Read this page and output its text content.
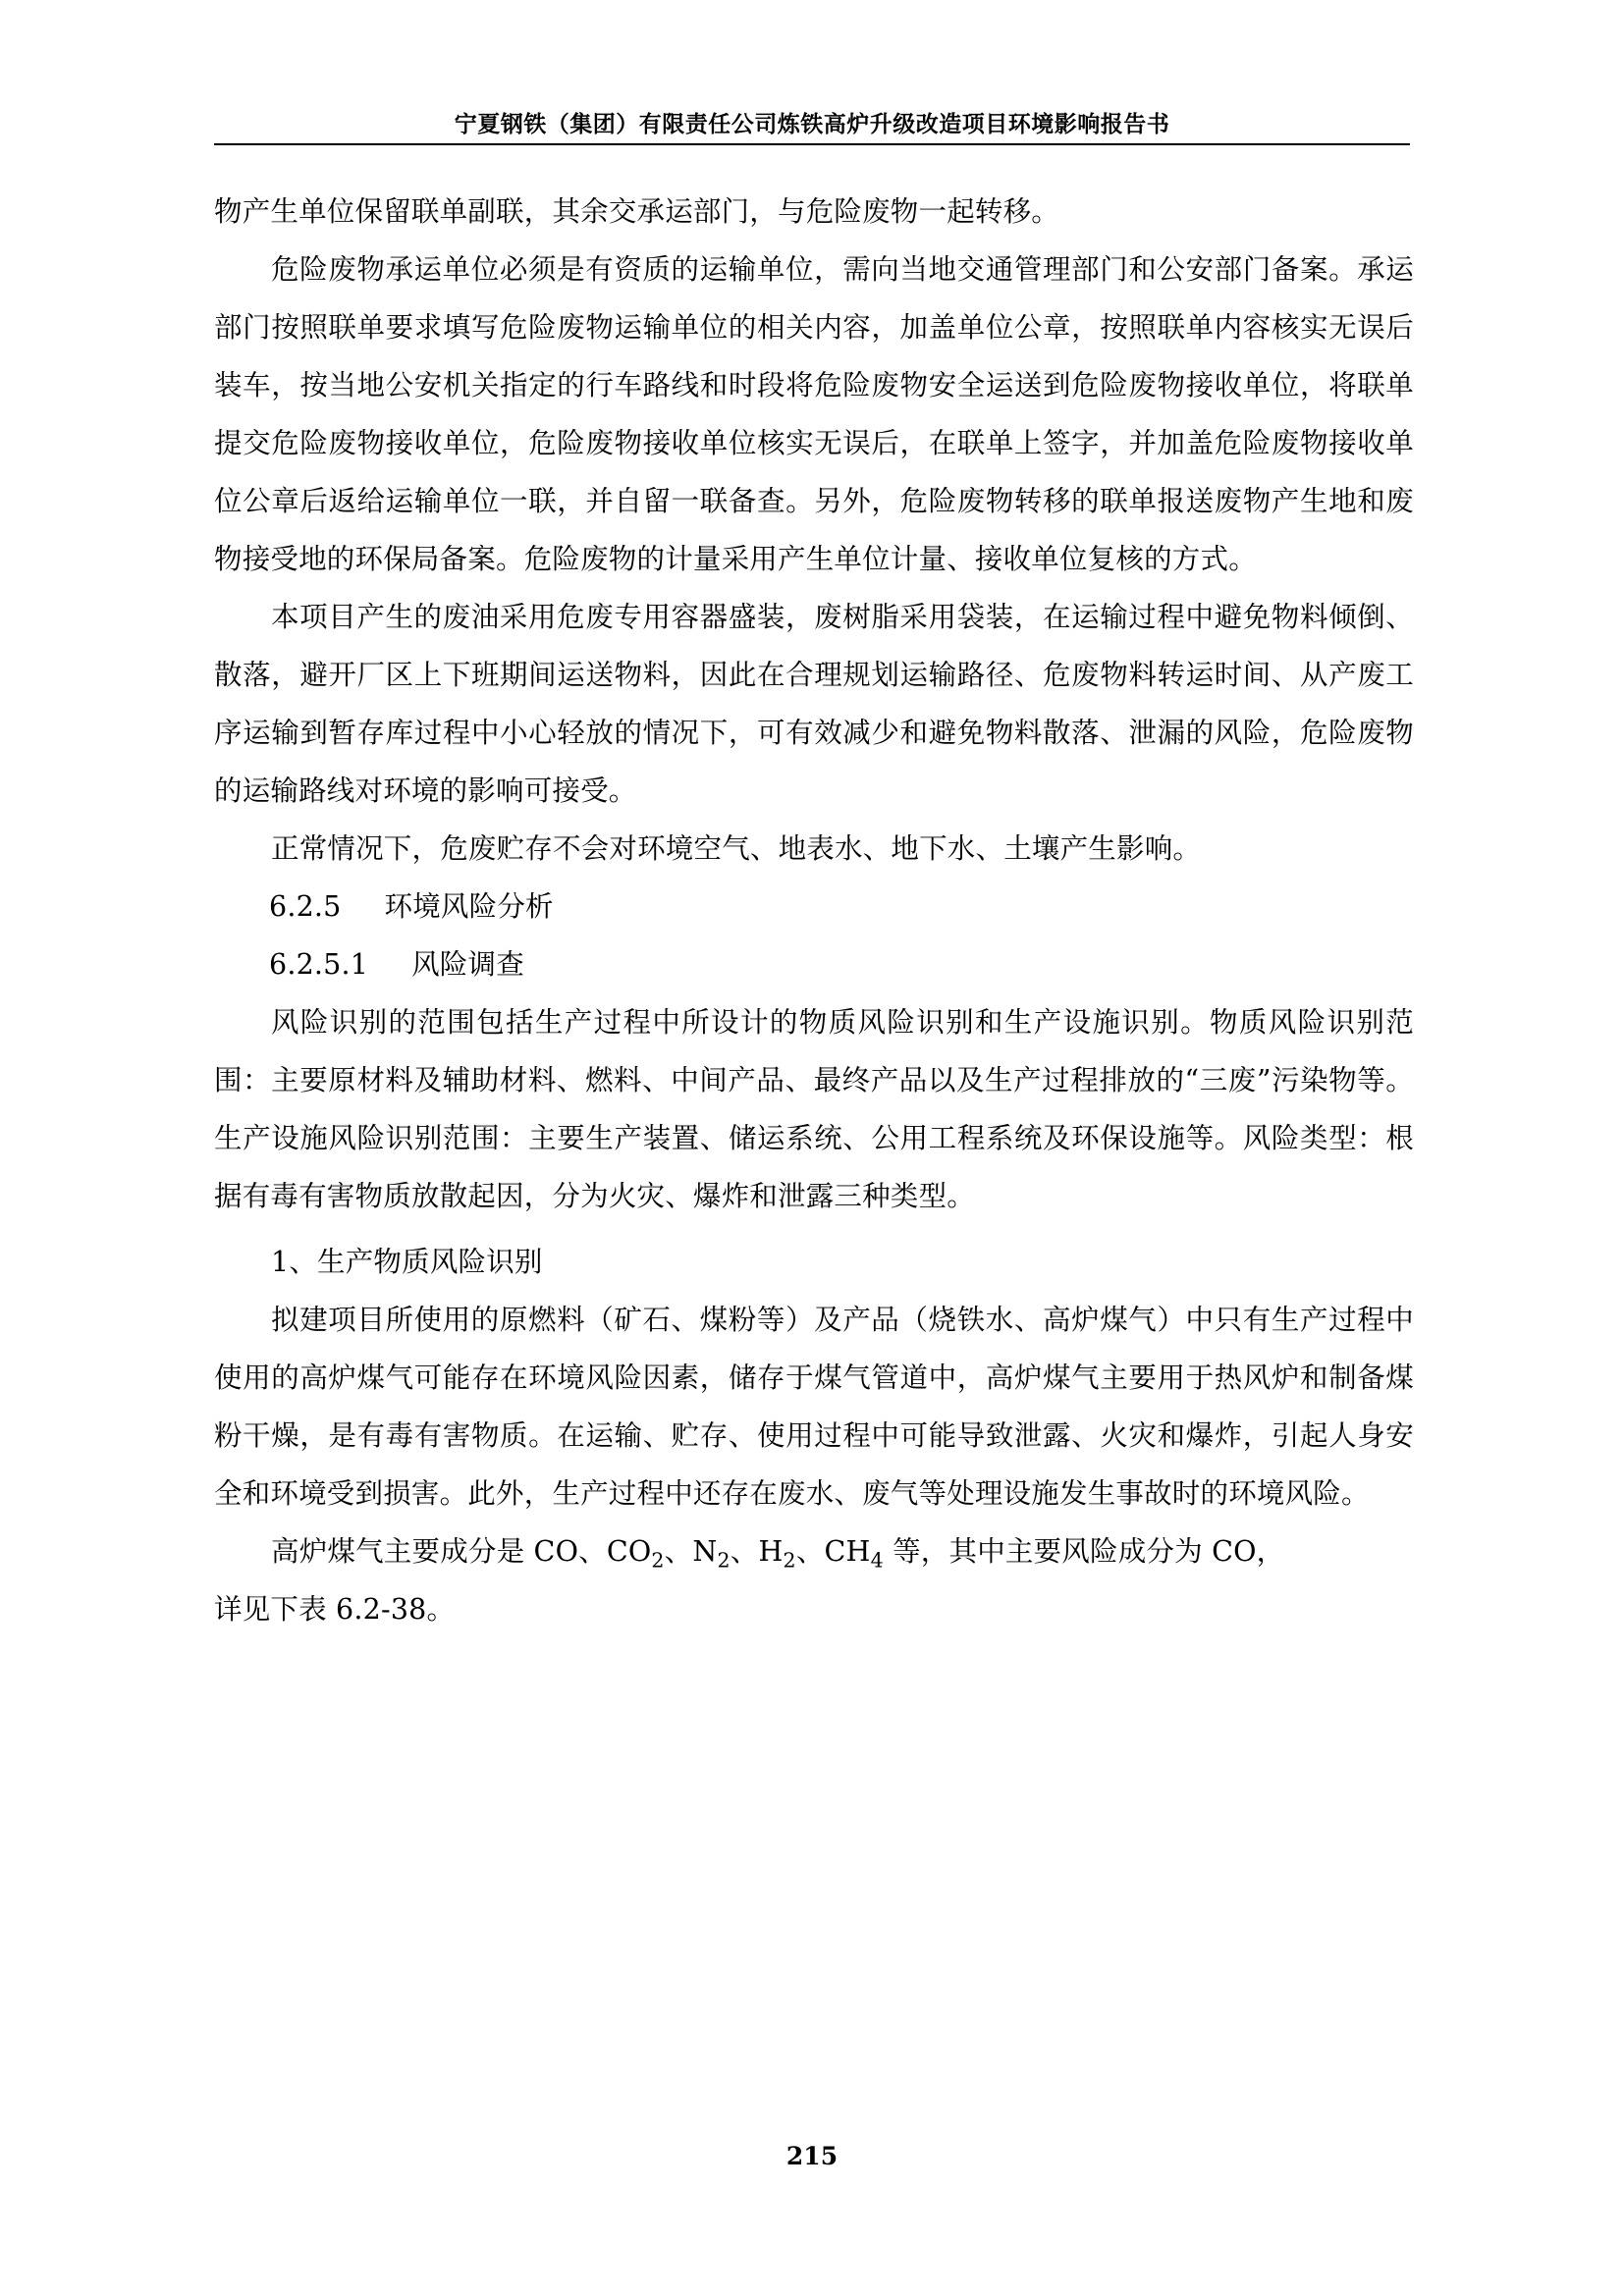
宁夏钢铁（集团）有限责任公司炼铁高炉升级改造项目环境影响报告书

物产生单位保留联单副联，其余交承运部门，与危险废物一起转移。

危险废物承运单位必须是有资质的运输单位，需向当地交通管理部门和公安部门备案。承运部门按照联单要求填写危险废物运输单位的相关内容，加盖单位公章，按照联单内容核实无误后装车，按当地公安机关指定的行车路线和时段将危险废物安全运送到危险废物接收单位，将联单提交危险废物接收单位，危险废物接收单位核实无误后，在联单上签字，并加盖危险废物接收单位公章后返给运输单位一联，并自留一联备查。另外，危险废物转移的联单报送废物产生地和废物接受地的环保局备案。危险废物的计量采用产生单位计量、接收单位复核的方式。

本项目产生的废油采用危废专用容器盛装，废树脂采用袋装，在运输过程中避免物料倾倒、散落，避开厂区上下班期间运送物料，因此在合理规划运输路径、危废物料转运时间、从产废工序运输到暂存库过程中小心轻放的情况下，可有效减少和避免物料散落、泄漏的风险，危险废物的运输路线对环境的影响可接受。

正常情况下，危废贮存不会对环境空气、地表水、地下水、土壤产生影响。

6.2.5 环境风险分析

6.2.5.1 风险调查

风险识别的范围包括生产过程中所设计的物质风险识别和生产设施识别。物质风险识别范围：主要原材料及辅助材料、燃料、中间产品、最终产品以及生产过程排放的“三废”污染物等。生产设施风险识别范围：主要生产装置、储运系统、公用工程系统及环保设施等。风险类型：根据有毒有害物质放散起因，分为火灾、爆炸和泄露三种类型。

1、生产物质风险识别

拟建项目所使用的原燃料（矿石、煤粉等）及产品（烧铁水、高炉煤气）中只有生产过程中使用的高炉煤气可能存在环境风险因素，储存于煤气管道中，高炉煤气主要用于热风炉和制备煤粉干燥，是有毒有害物质。在运输、贮存、使用过程中可能导致泄露、火灾和爆炸，引起人身安全和环境受到损害。此外，生产过程中还存在废水、废气等处理设施发生事故时的环境风险。

高炉煤气主要成分是 CO、$CO_2$、$N_2$、$H_2$、$CH_4$ 等，其中主要风险成分为 CO，

详见下表 6.2-38。

215
